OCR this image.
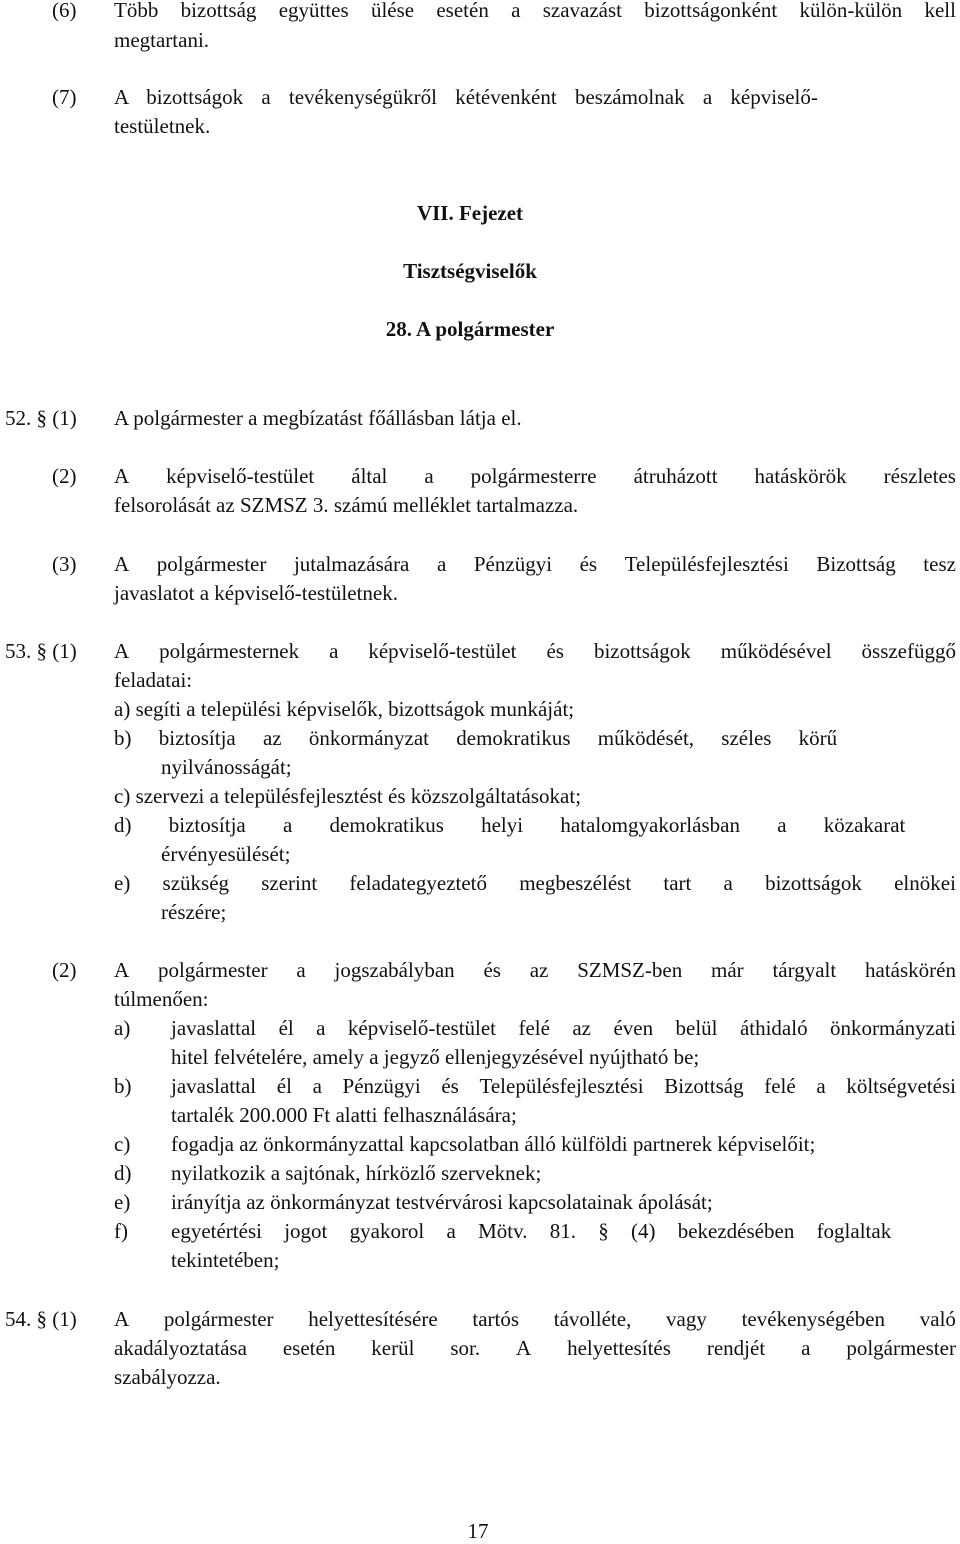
(6) Több bizottság együttes ülése esetén a szavazást bizottságonként külön-külön kell
megtartani.
(7) A bizottságok a tevékenységükről kétévenként beszámolnak a képviselő-
testületnek.
VII. Fejezet
Tisztségviselők
28. A polgármester
52. § (1) A polgármester a megbízatást főállásban látja el.
(2) A képviselő-testület által a polgármesterre átruházott hatáskörök részletes
felsorolását az SZMSZ 3. számú melléklet tartalmazza.
(3) A polgármester jutalmazására a Pénzügyi és Településfejlesztési Bizottság tesz
javaslatot a képviselő-testületnek.
53. § (1) A polgármesternek a képviselő-testület és bizottságok működésével összefüggő
feladatai:
a) segíti a települési képviselők, bizottságok munkáját;
b) biztosítja az önkormányzat demokratikus működését, széles körű
nyilvánosságát;
c) szervezi a településfejlesztést és közszolgáltatásokat;
d) biztosítja a demokratikus helyi hatalomgyakorlásban a közakarat
érvényesülését;
e) szükség szerint feladategyeztető megbeszélést tart a bizottságok elnökei
részére;
(2) A polgármester a jogszabályban és az SZMSZ-ben már tárgyalt hatáskörén
túlmenően:
a) javaslattal él a képviselő-testület felé az éven belül áthidaló önkormányzati
hitel felvételére, amely a jegyző ellenjegyzésével nyújtható be;
b) javaslattal él a Pénzügyi és Településfejlesztési Bizottság felé a költségvetési
tartalék 200.000 Ft alatti felhasználására;
c) fogadja az önkormányzattal kapcsolatban álló külföldi partnerek képviselőit;
d) nyilatkozik a sajtónak, hírközlő szerveknek;
e) irányítja az önkormányzat testvérvárosi kapcsolatainak ápolását;
f) egyetértési jogot gyakorol a Mötv. 81. § (4) bekezdésében foglaltak
tekintetében;
54. § (1) A polgármester helyettesítésére tartós távolléte, vagy tevékenységében való
akadályoztatása esetén kerül sor. A helyettesítés rendjét a polgármester
szabályozza.
17
